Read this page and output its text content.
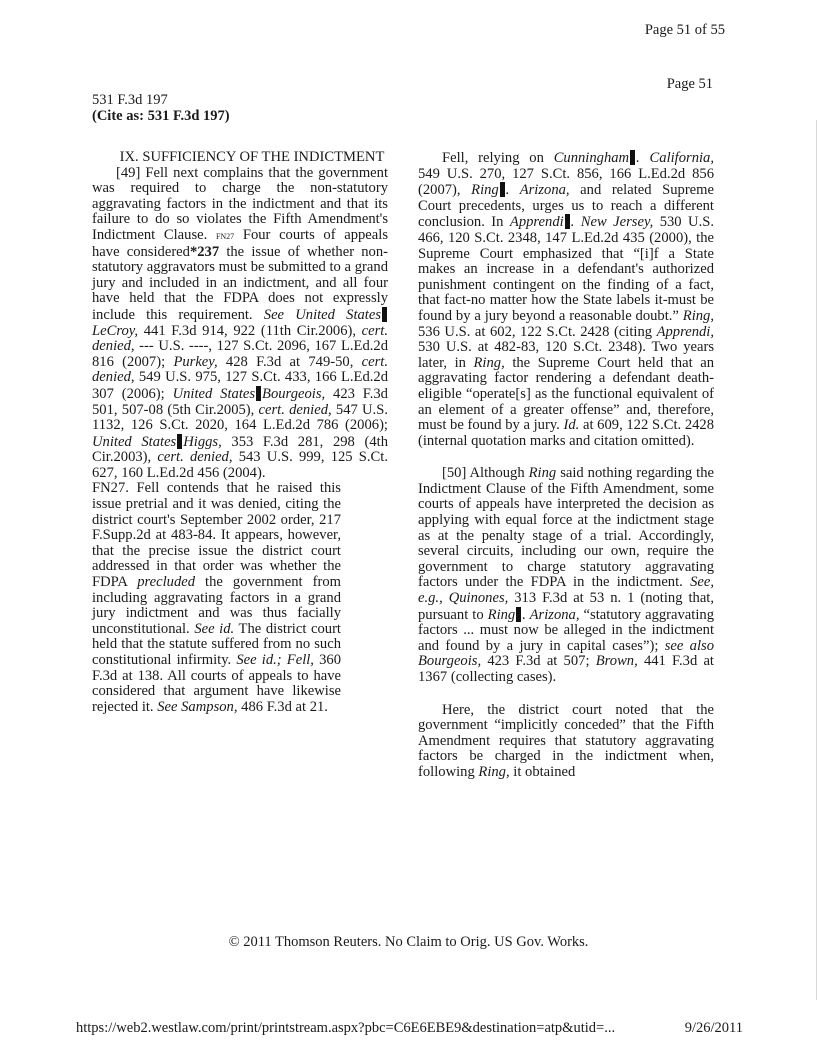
Page 51 of 55
Page 51
531 F.3d 197
(Cite as: 531 F.3d 197)

IX. SUFFICIENCY OF THE INDICTMENT

[49] Fell next complains that the government was required to charge the non-statutory aggravating factors in the indictment and that its failure to do so violates the Fifth Amendment's Indictment Clause. FN27 Four courts of appeals have considered*237 the issue of whether non-statutory aggravators must be submitted to a grand jury and included in an indictment, and all four have held that the FDPA does not expressly include this requirement. See United StatesLeCroy, 441 F.3d 914, 922 (11th Cir.2006), cert. denied, --- U.S. ----, 127 S.Ct. 2096, 167 L.Ed.2d 816 (2007); Purkey, 428 F.3d at 749-50, cert. denied, 549 U.S. 975, 127 S.Ct. 433, 166 L.Ed.2d 307 (2006); United States Bourgeois, 423 F.3d 501, 507-08 (5th Cir.2005), cert. denied, 547 U.S. 1132, 126 S.Ct. 2020, 164 L.Ed.2d 786 (2006); United States Higgs, 353 F.3d 281, 298 (4th Cir.2003), cert. denied, 543 U.S. 999, 125 S.Ct. 627, 160 L.Ed.2d 456 (2004).

FN27. Fell contends that he raised this issue pretrial and it was denied, citing the district court's September 2002 order, 217 F.Supp.2d at 483-84. It appears, however, that the precise issue the district court addressed in that order was whether the FDPA precluded the government from including aggravating factors in a grand jury indictment and was thus facially unconstitutional. See id. The district court held that the statute suffered from no such constitutional infirmity. See id.; Fell, 360 F.3d at 138. All courts of appeals to have considered that argument have likewise rejected it. See Sampson, 486 F.3d at 21.

Fell, relying on Cunningham . California, 549 U.S. 270, 127 S.Ct. 856, 166 L.Ed.2d 856 (2007), Ring . Arizona, and related Supreme Court precedents, urges us to reach a different conclusion. In Apprendi . New Jersey, 530 U.S. 466, 120 S.Ct. 2348, 147 L.Ed.2d 435 (2000), the Supreme Court emphasized that “[i]f a State makes an increase in a defendant's authorized punishment contingent on the finding of a fact, that fact-no matter how the State labels it-must be found by a jury beyond a reasonable doubt.” Ring, 536 U.S. at 602, 122 S.Ct. 2428 (citing Apprendi, 530 U.S. at 482-83, 120 S.Ct. 2348). Two years later, in Ring, the Supreme Court held that an aggravating factor rendering a defendant death-eligible “operate[s] as the functional equivalent of an element of a greater offense” and, therefore, must be found by a jury. Id. at 609, 122 S.Ct. 2428 (internal quotation marks and citation omitted).

[50] Although Ring said nothing regarding the Indictment Clause of the Fifth Amendment, some courts of appeals have interpreted the decision as applying with equal force at the indictment stage as at the penalty stage of a trial. Accordingly, several circuits, including our own, require the government to charge statutory aggravating factors under the FDPA in the indictment. See, e.g., Quinones, 313 F.3d at 53 n. 1 (noting that, pursuant to Ring . Arizona, “statutory aggravating factors ... must now be alleged in the indictment and found by a jury in capital cases”); see also Bourgeois, 423 F.3d at 507; Brown, 441 F.3d at 1367 (collecting cases).

Here, the district court noted that the government “implicitly conceded” that the Fifth Amendment requires that statutory aggravating factors be charged in the indictment when, following Ring, it obtained

© 2011 Thomson Reuters. No Claim to Orig. US Gov. Works.
https://web2.westlaw.com/print/printstream.aspx?pbc=C6E6EBE9&destination=atp&utid=...	9/26/2011
